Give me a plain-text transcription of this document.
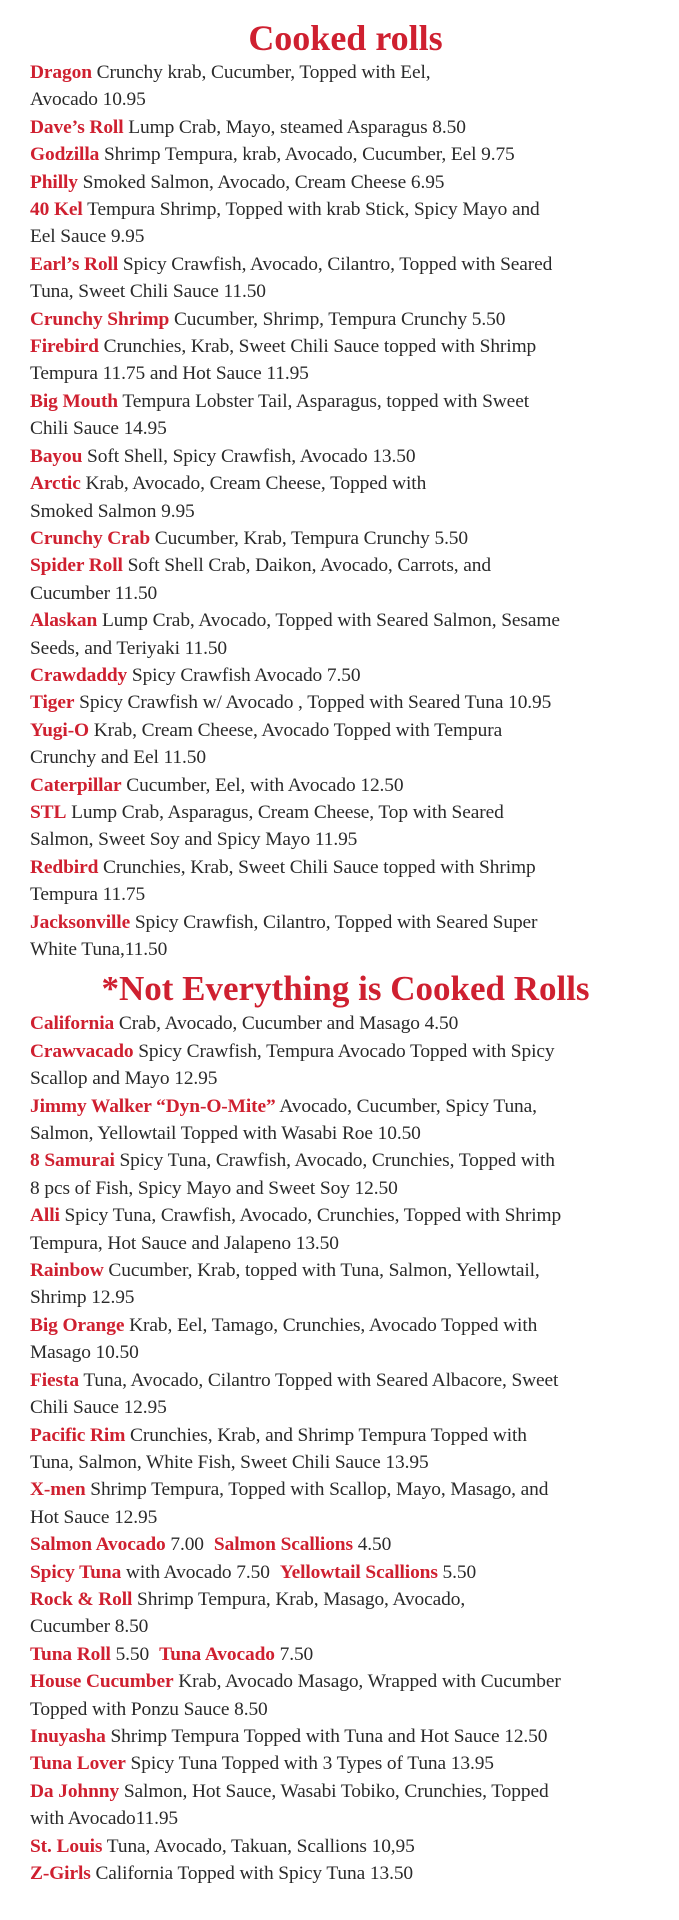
Cooked rolls

Dragon Crunchy krab, Cucumber, Topped with Eel,
Avocado 10.95

Dave’s Roll Lump Crab, Mayo, steamed Asparagus 8.50

Godzilla Shrimp Tempura, krab, Avocado, Cucumber, Eel 9.75

Philly Smoked Salmon, Avocado, Cream Cheese 6.95

40 Kel Tempura Shrimp, Topped with krab Stick, Spicy Mayo and
Eel Sauce 9.95

Earl’s Roll Spicy Crawfish, Avocado, Cilantro, Topped with Seared
Tuna, Sweet Chili Sauce 11.50

Crunchy Shrimp Cucumber, Shrimp, Tempura Crunchy 5.50

Firebird Crunchies, Krab, Sweet Chili Sauce topped with Shrimp
Tempura 11.75 and Hot Sauce 11.95

Big Mouth Tempura Lobster Tail, Asparagus, topped with Sweet
Chili Sauce 14.95

Bayou Soft Shell, Spicy Crawfish, Avocado 13.50

Arctic Krab, Avocado, Cream Cheese, Topped with
Smoked Salmon 9.95

Crunchy Crab Cucumber, Krab, Tempura Crunchy 5.50

Spider Roll Soft Shell Crab, Daikon, Avocado, Carrots, and
Cucumber 11.50

Alaskan Lump Crab, Avocado, Topped with Seared Salmon, Sesame
Seeds, and Teriyaki 11.50

Crawdaddy Spicy Crawfish Avocado 7.50

Tiger Spicy Crawfish w/ Avocado , Topped with Seared Tuna 10.95

Yugi-O Krab, Cream Cheese, Avocado Topped with Tempura
Crunchy and Eel 11.50

Caterpillar Cucumber, Eel, with Avocado 12.50

STL Lump Crab, Asparagus, Cream Cheese, Top with Seared
Salmon, Sweet Soy and Spicy Mayo 11.95

Redbird Crunchies, Krab, Sweet Chili Sauce topped with Shrimp
Tempura 11.75

Jacksonville Spicy Crawfish, Cilantro, Topped with Seared Super
White Tuna,11.50

*Not Everything is Cooked Rolls

California Crab, Avocado, Cucumber and Masago 4.50

Crawvacado Spicy Crawfish, Tempura Avocado Topped with Spicy
Scallop and Mayo 12.95

Jimmy Walker “Dyn-O-Mite” Avocado, Cucumber, Spicy Tuna,
Salmon, Yellowtail Topped with Wasabi Roe 10.50

8 Samurai Spicy Tuna, Crawfish, Avocado, Crunchies, Topped with
8 pcs of Fish, Spicy Mayo and Sweet Soy 12.50

Alli Spicy Tuna, Crawfish, Avocado, Crunchies, Topped with Shrimp
Tempura, Hot Sauce and Jalapeno 13.50

Rainbow Cucumber, Krab, topped with Tuna, Salmon, Yellowtail,
Shrimp 12.95

Big Orange Krab, Eel, Tamago, Crunchies, Avocado Topped with
Masago 10.50

Fiesta Tuna, Avocado, Cilantro Topped with Seared Albacore, Sweet
Chili Sauce 12.95

Pacific Rim Crunchies, Krab, and Shrimp Tempura Topped with
Tuna, Salmon, White Fish, Sweet Chili Sauce 13.95

X-men Shrimp Tempura, Topped with Scallop, Mayo, Masago, and
Hot Sauce 12.95

Salmon Avocado 7.00 Salmon Scallions 4.50

Spicy Tuna with Avocado 7.50 Yellowtail Scallions 5.50

Rock & Roll Shrimp Tempura, Krab, Masago, Avocado,
Cucumber 8.50

Tuna Roll 5.50 Tuna Avocado 7.50

House Cucumber Krab, Avocado Masago, Wrapped with Cucumber
Topped with Ponzu Sauce 8.50

Inuyasha Shrimp Tempura Topped with Tuna and Hot Sauce 12.50

Tuna Lover Spicy Tuna Topped with 3 Types of Tuna 13.95

Da Johnny Salmon, Hot Sauce, Wasabi Tobiko, Crunchies, Topped
with Avocado11.95

St. Louis Tuna, Avocado, Takuan, Scallions 10,95

Z-Girls California Topped with Spicy Tuna 13.50
